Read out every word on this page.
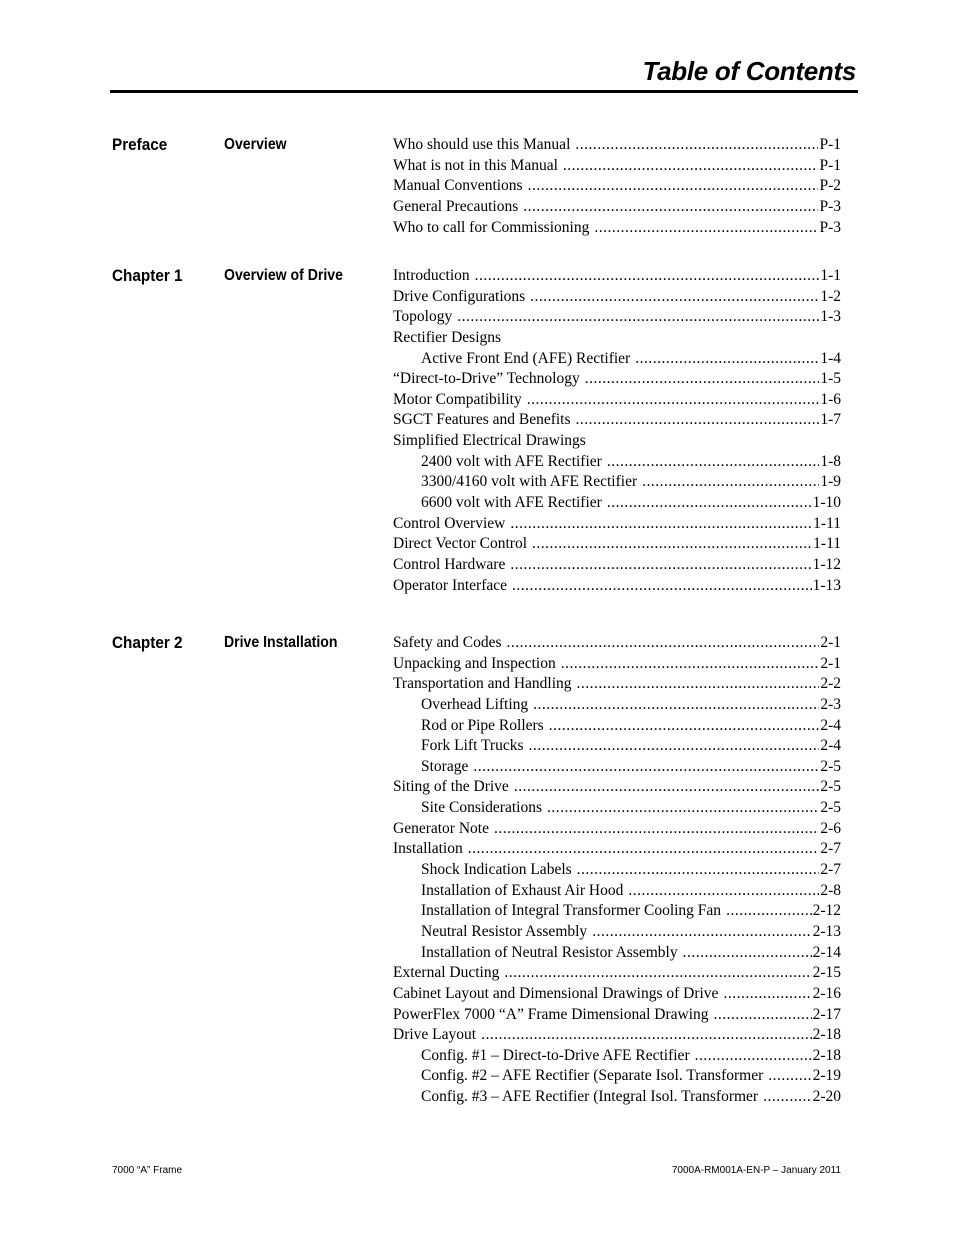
Table of Contents
Preface	Overview	Who should use this Manual .....	P-1
What is not in this Manual .....	P-1
Manual Conventions .....	P-2
General Precautions .....	P-3
Who to call for Commissioning .....	P-3
Chapter 1	Overview of Drive	Introduction .....	1-1
Drive Configurations .....	1-2
Topology .....	1-3
Rectifier Designs
Active Front End (AFE) Rectifier .....	1-4
“Direct-to-Drive” Technology .....	1-5
Motor Compatibility .....	1-6
SGCT Features and Benefits .....	1-7
Simplified Electrical Drawings
2400 volt with AFE Rectifier .....	1-8
3300/4160 volt with AFE Rectifier .....	1-9
6600 volt with AFE Rectifier .....	1-10
Control Overview .....	1-11
Direct Vector Control .....	1-11
Control Hardware .....	1-12
Operator Interface .....	1-13
Chapter 2	Drive Installation	Safety and Codes .....	2-1
Unpacking and Inspection .....	2-1
Transportation and Handling .....	2-2
Overhead Lifting .....	2-3
Rod or Pipe Rollers .....	2-4
Fork Lift Trucks .....	2-4
Storage .....	2-5
Siting of the Drive .....	2-5
Site Considerations .....	2-5
Generator Note .....	2-6
Installation .....	2-7
Shock Indication Labels .....	2-7
Installation of Exhaust Air Hood .....	2-8
Installation of Integral Transformer Cooling Fan .....	2-12
Neutral Resistor Assembly .....	2-13
Installation of Neutral Resistor Assembly .....	2-14
External Ducting .....	2-15
Cabinet Layout and Dimensional Drawings of Drive .....	2-16
PowerFlex 7000 “A” Frame Dimensional Drawing .....	2-17
Drive Layout .....	2-18
Config. #1 – Direct-to-Drive AFE Rectifier .....	2-18
Config. #2 – AFE Rectifier (Separate Isol. Transformer .....	2-19
Config. #3 – AFE Rectifier (Integral Isol. Transformer .....	2-20
7000 “A” Frame	7000A-RM001A-EN-P – January 2011
